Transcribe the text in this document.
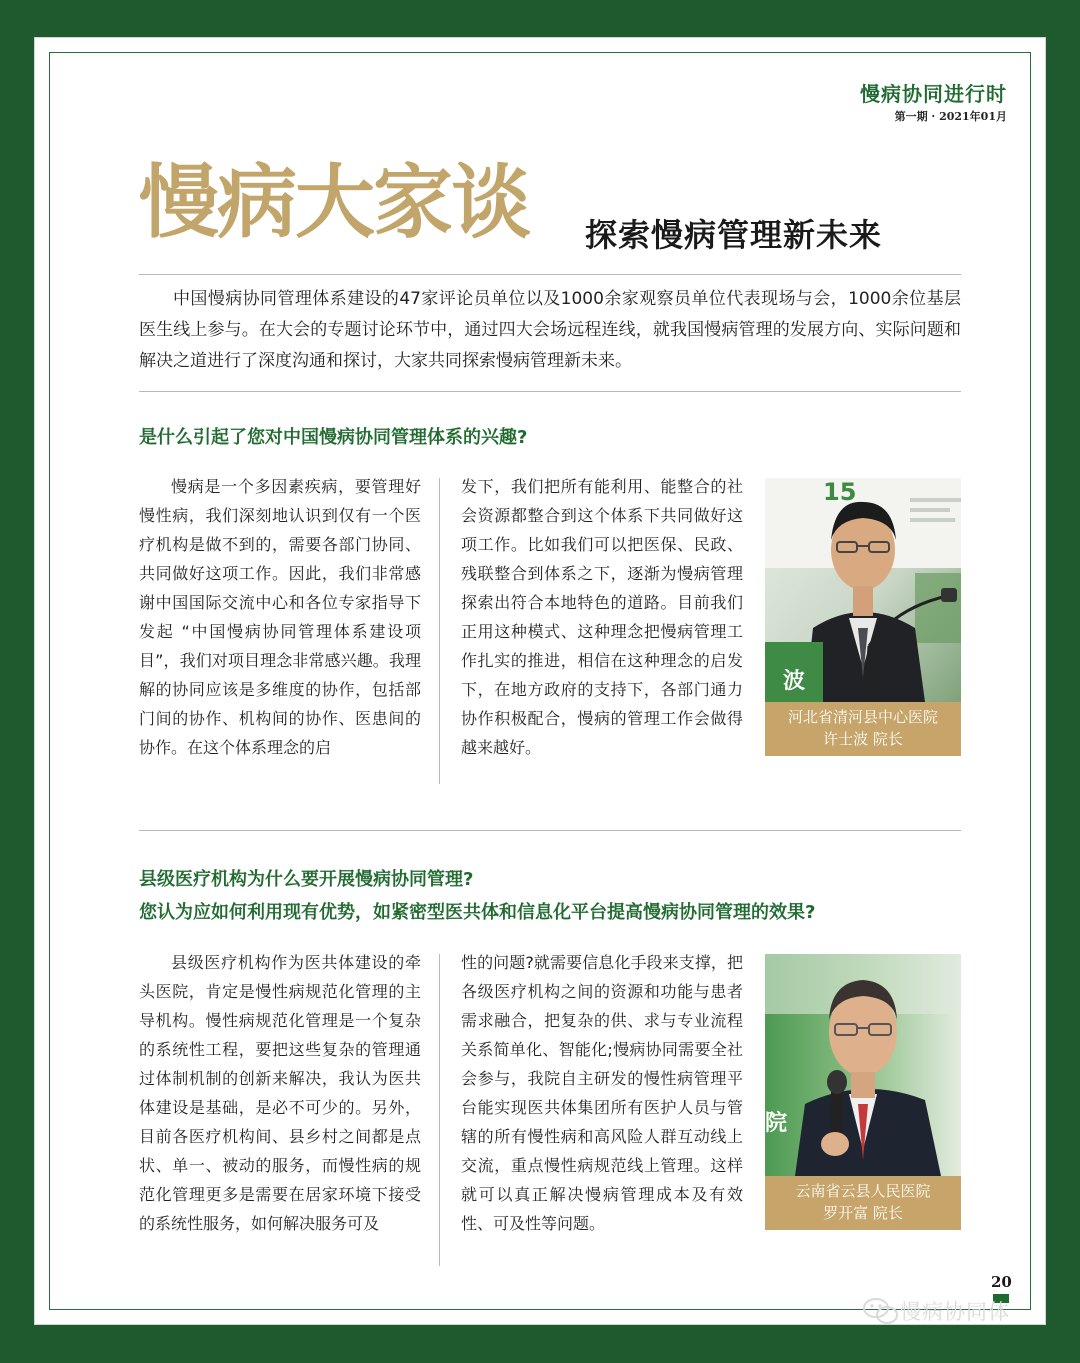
慢病协同进行时
第一期 · 2021年01月
慢病大家谈 探索慢病管理新未来

中国慢病协同管理体系建设的47家评论员单位以及1000余家观察员单位代表现场与会，1000余位基层医生线上参与。在大会的专题讨论环节中，通过四大会场远程连线，就我国慢病管理的发展方向、实际问题和解决之道进行了深度沟通和探讨，大家共同探索慢病管理新未来。

是什么引起了您对中国慢病协同管理体系的兴趣?

慢病是一个多因素疾病，要管理好慢性病，我们深刻地认识到仅有一个医疗机构是做不到的，需要各部门协同、共同做好这项工作。因此，我们非常感谢中国国际交流中心和各位专家指导下发起 “中国慢病协同管理体系建设项目”，我们对项目理念非常感兴趣。我理解的协同应该是多维度的协作，包括部门间的协作、机构间的协作、医患间的协作。在这个体系理念的启

发下，我们把所有能利用、能整合的社会资源都整合到这个体系下共同做好这项工作。比如我们可以把医保、民政、残联整合到体系之下，逐渐为慢病管理探索出符合本地特色的道路。目前我们正用这种模式、这种理念把慢病管理工作扎实的推进，相信在这种理念的启发下，在地方政府的支持下，各部门通力协作积极配合，慢病的管理工作会做得越来越好。

波
15
河北省清河县中心医院
许士波 院长
县级医疗机构为什么要开展慢病协同管理?
您认为应如何利用现有优势，如紧密型医共体和信息化平台提高慢病协同管理的效果?

县级医疗机构作为医共体建设的牵头医院，肯定是慢性病规范化管理的主导机构。慢性病规范化管理是一个复杂的系统性工程，要把这些复杂的管理通过体制机制的创新来解决，我认为医共体建设是基础，是必不可少的。另外，目前各医疗机构间、县乡村之间都是点状、单一、被动的服务，而慢性病的规范化管理更多是需要在居家环境下接受的系统性服务，如何解决服务可及

性的问题?就需要信息化手段来支撑，把各级医疗机构之间的资源和功能与患者需求融合，把复杂的供、求与专业流程关系简单化、智能化;慢病协同需要全社会参与，我院自主研发的慢性病管理平台能实现医共体集团所有医护人员与管辖的所有慢性病和高风险人群互动线上交流，重点慢性病规范线上管理。这样就可以真正解决慢病管理成本及有效性、可及性等问题。

院
云南省云县人民医院
罗开富 院长
20
慢病协同体
